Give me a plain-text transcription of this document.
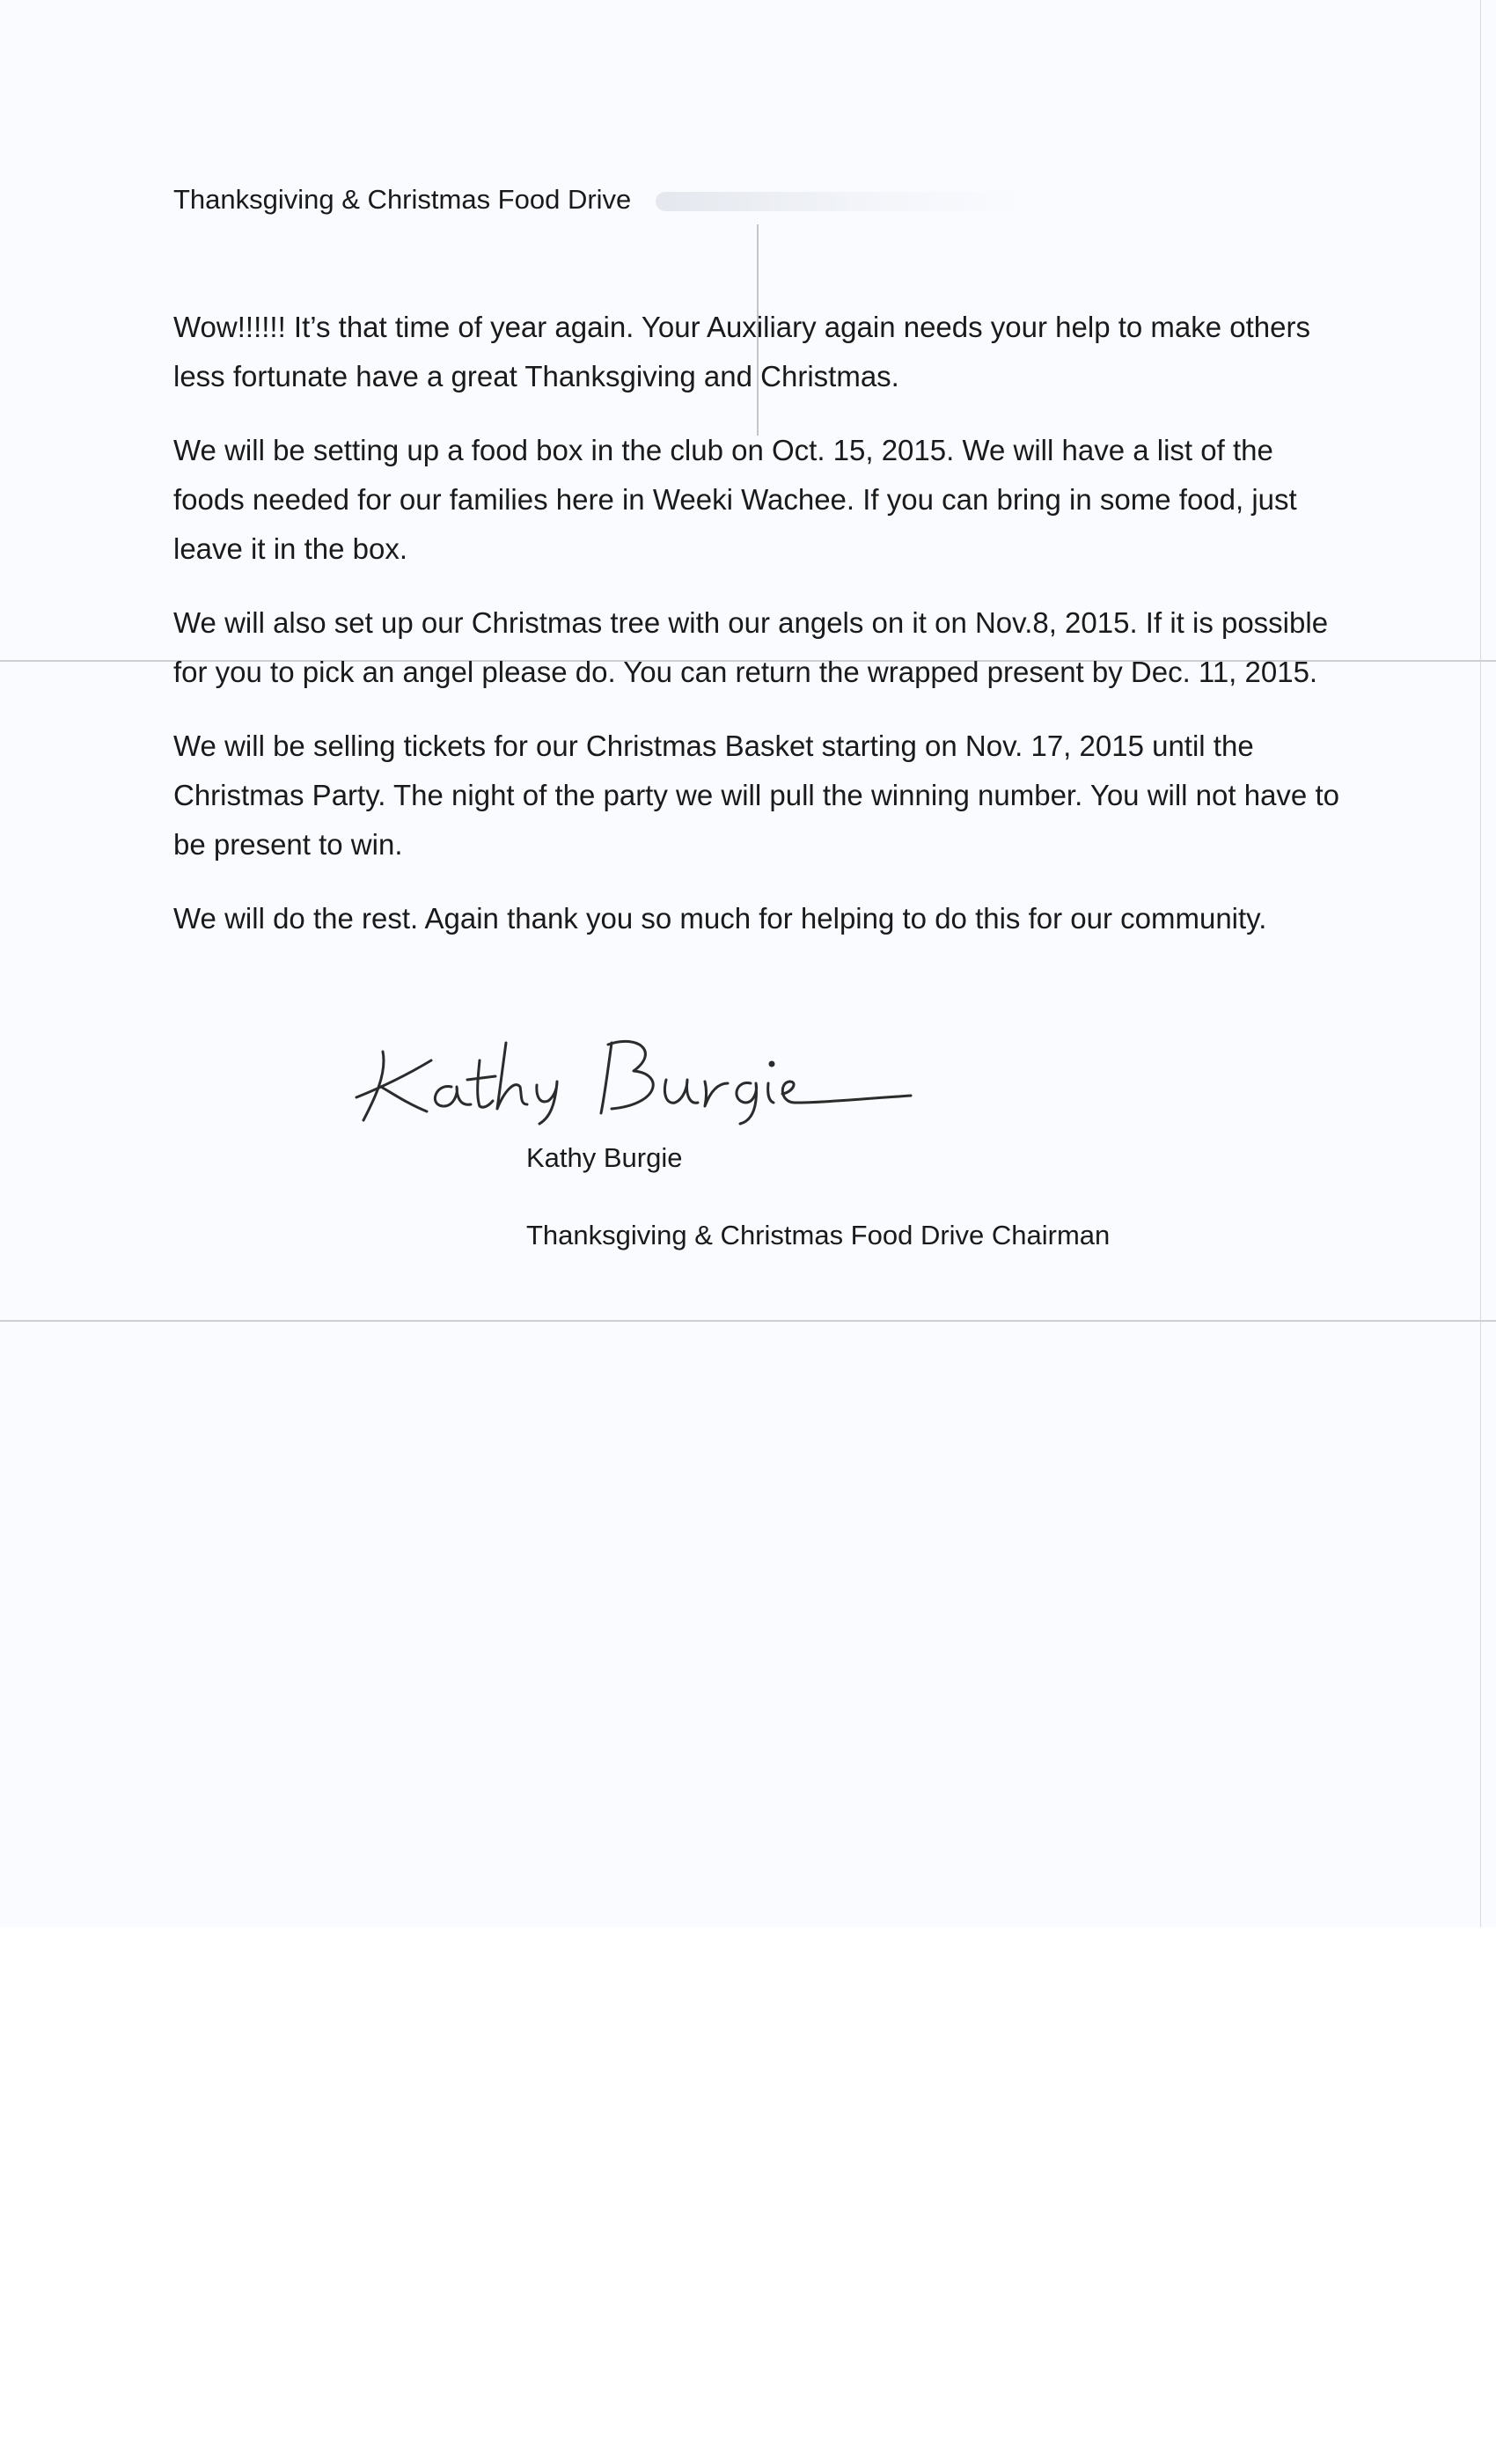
Thanksgiving & Christmas Food Drive

Wow!!!!!! It’s that time of year again. Your Auxiliary again needs your help to make others less fortunate have a great Thanksgiving and Christmas.

We will be setting up a food box in the club on Oct. 15, 2015. We will have a list of the foods needed for our families here in Weeki Wachee. If you can bring in some food, just leave it in the box.

We will also set up our Christmas tree with our angels on it on Nov.8, 2015. If it is possible for you to pick an angel please do. You can return the wrapped present by Dec. 11, 2015.

We will be selling tickets for our Christmas Basket starting on Nov. 17, 2015 until the Christmas Party. The night of the party we will pull the winning number. You will not have to be present to win.

We will do the rest. Again thank you so much for helping to do this for our community.

Kathy Burgie
Thanksgiving & Christmas Food Drive Chairman
